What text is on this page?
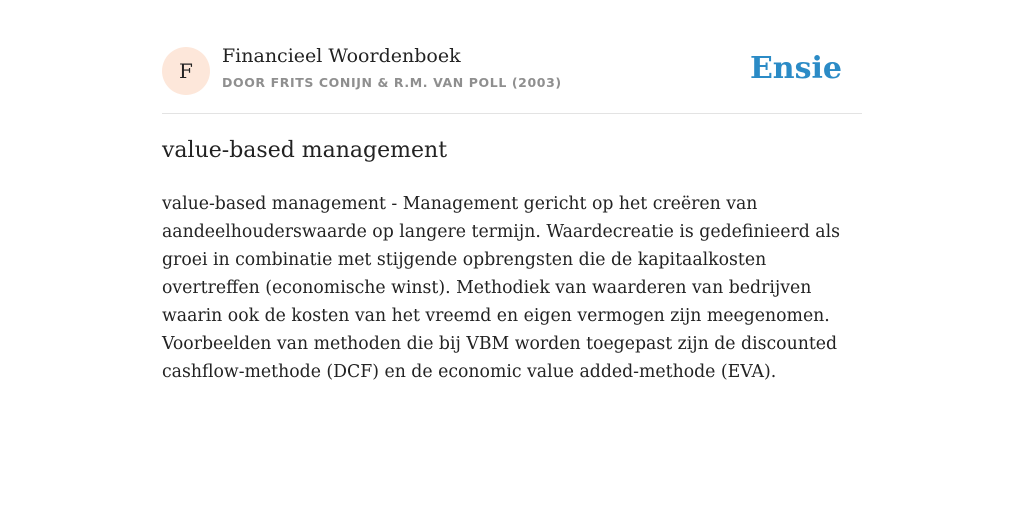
F
Financieel Woordenboek
DOOR FRITS CONIJN & R.M. VAN POLL (2003)	Ensie
value-based management

value-based management - Management gericht op het creëren van aandeelhouderswaarde op langere termijn. Waardecreatie is gedefinieerd als groei in combinatie met stijgende opbrengsten die de kapitaalkosten overtreffen (economische winst). Methodiek van waarderen van bedrijven waarin ook de kosten van het vreemd en eigen vermogen zijn meegenomen. Voorbeelden van methoden die bij VBM worden toegepast zijn de discounted cashflow-methode (DCF) en de economic value added-methode (EVA).
